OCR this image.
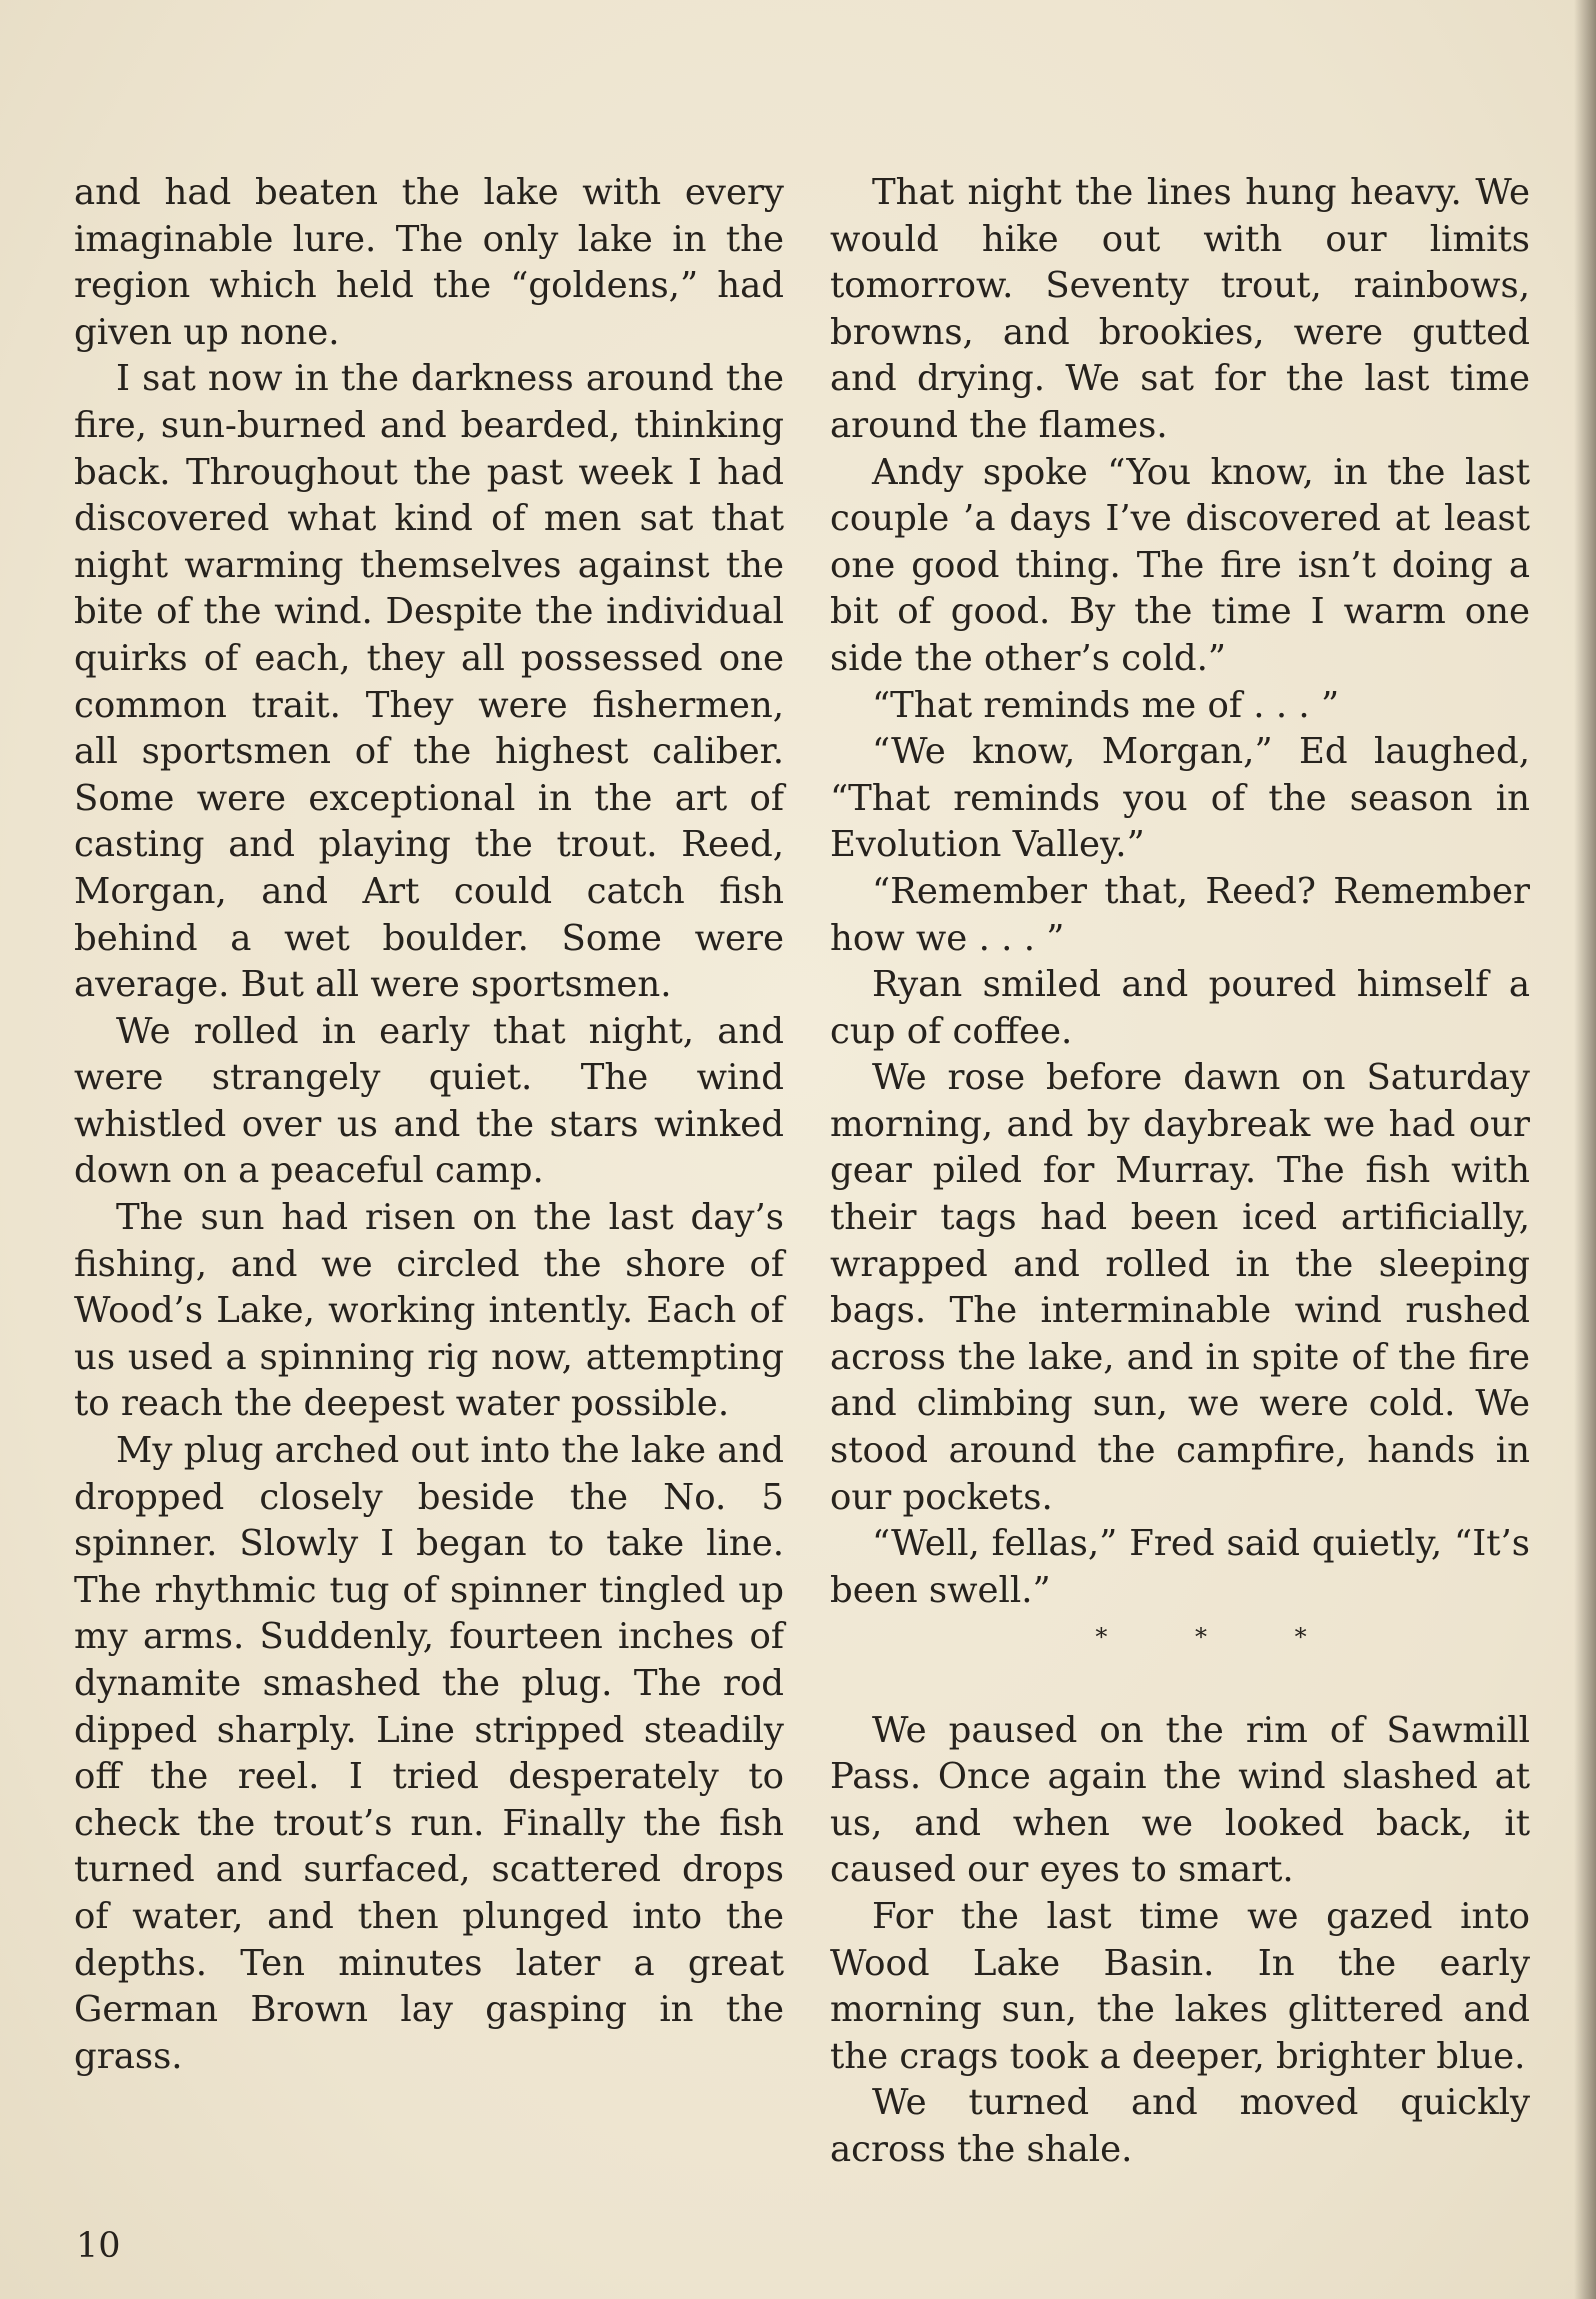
and had beaten the lake with every imaginable lure. The only lake in the region which held the “goldens,” had given up none.

I sat now in the darkness around the fire, sun-burned and bearded, thinking back. Throughout the past week I had discovered what kind of men sat that night warming themselves against the bite of the wind. Despite the individual quirks of each, they all possessed one common trait. They were fishermen, all sportsmen of the highest caliber. Some were exceptional in the art of casting and playing the trout. Reed, Morgan, and Art could catch fish behind a wet boulder. Some were average. But all were sportsmen.

We rolled in early that night, and were strangely quiet. The wind whistled over us and the stars winked down on a peaceful camp.

The sun had risen on the last day’s fishing, and we circled the shore of Wood’s Lake, working intently. Each of us used a spinning rig now, attempting to reach the deepest water possible.

My plug arched out into the lake and dropped closely beside the No. 5 spinner. Slowly I began to take line. The rhythmic tug of spinner tingled up my arms. Suddenly, fourteen inches of dynamite smashed the plug. The rod dipped sharply. Line stripped steadily off the reel. I tried desperately to check the trout’s run. Finally the fish turned and surfaced, scattered drops of water, and then plunged into the depths. Ten minutes later a great German Brown lay gasping in the grass.

That night the lines hung heavy. We would hike out with our limits tomorrow. Seventy trout, rainbows, browns, and brookies, were gutted and drying. We sat for the last time around the flames.

Andy spoke “You know, in the last couple ’a days I’ve discovered at least one good thing. The fire isn’t doing a bit of good. By the time I warm one side the other’s cold.”

“That reminds me of . . . ”

“We know, Morgan,” Ed laughed, “That reminds you of the season in Evolution Valley.”

“Remember that, Reed? Remember how we . . . ”

Ryan smiled and poured himself a cup of coffee.

We rose before dawn on Saturday morning, and by daybreak we had our gear piled for Murray. The fish with their tags had been iced artificially, wrapped and rolled in the sleeping bags. The interminable wind rushed across the lake, and in spite of the fire and climbing sun, we were cold. We stood around the campfire, hands in our pockets.

“Well, fellas,” Fred said quietly, “It’s been swell.”

* * *

We paused on the rim of Sawmill Pass. Once again the wind slashed at us, and when we looked back, it caused our eyes to smart.

For the last time we gazed into Wood Lake Basin. In the early morning sun, the lakes glittered and the crags took a deeper, brighter blue.

We turned and moved quickly across the shale.

10
